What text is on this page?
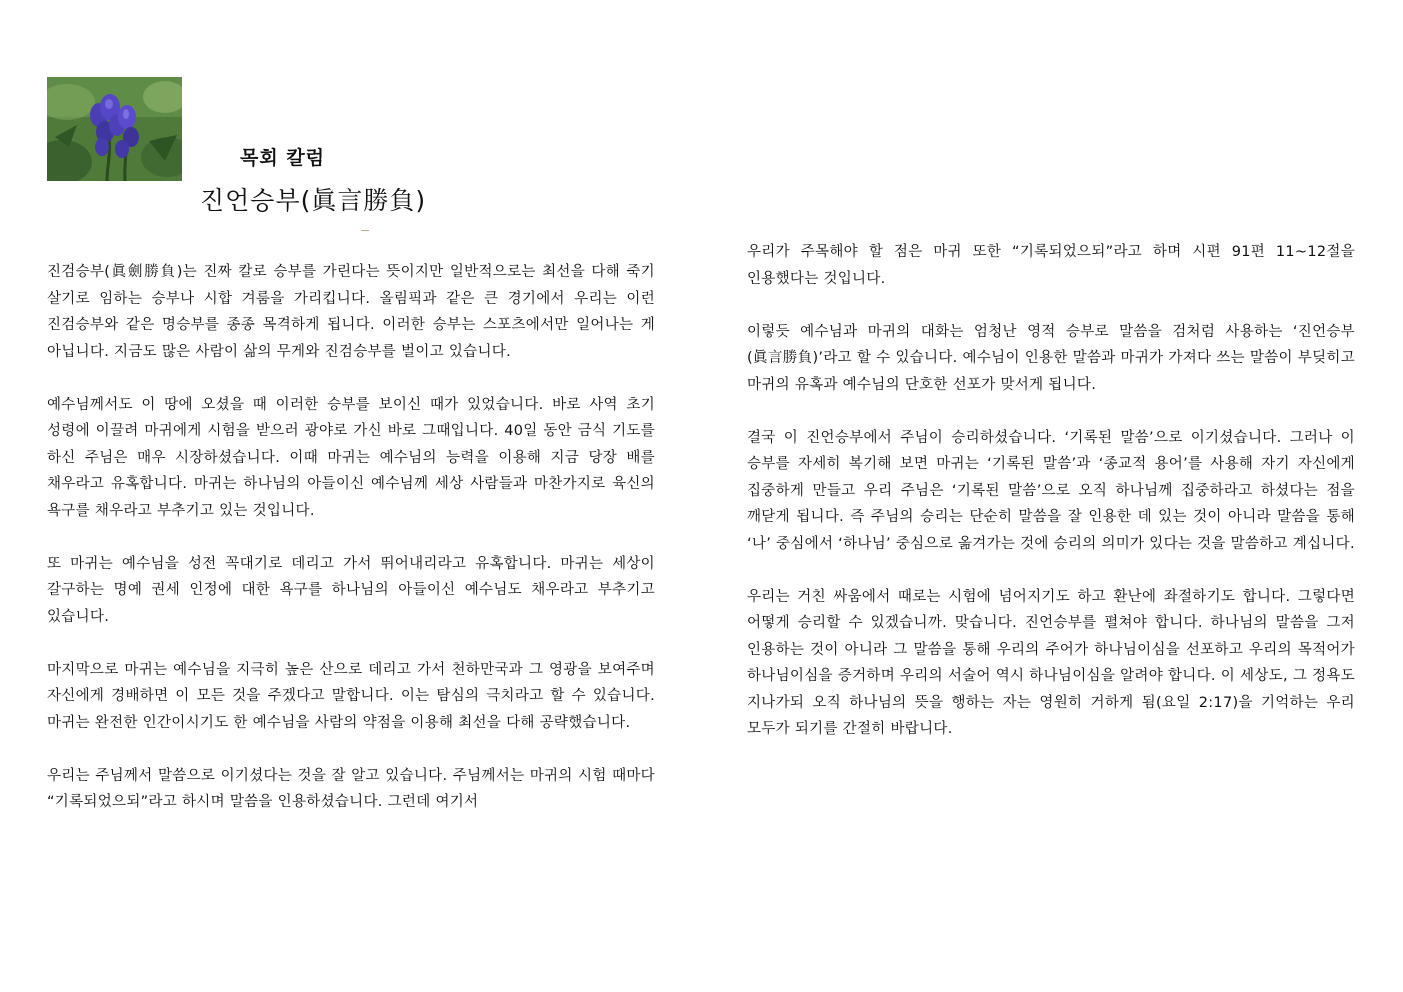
목회 칼럼
진언승부(眞言勝負)

진검승부(眞劍勝負)는 진짜 칼로 승부를 가린다는 뜻이지만 일반적으로는 최선을 다해 죽기 살기로 임하는 승부나 시합 겨룸을 가리킵니다. 올림픽과 같은 큰 경기에서 우리는 이런 진검승부와 같은 명승부를 종종 목격하게 됩니다. 이러한 승부는 스포츠에서만 일어나는 게 아닙니다. 지금도 많은 사람이 삶의 무게와 진검승부를 벌이고 있습니다.

예수님께서도 이 땅에 오셨을 때 이러한 승부를 보이신 때가 있었습니다. 바로 사역 초기 성령에 이끌려 마귀에게 시험을 받으러 광야로 가신 바로 그때입니다. 40일 동안 금식 기도를 하신 주님은 매우 시장하셨습니다. 이때 마귀는 예수님의 능력을 이용해 지금 당장 배를 채우라고 유혹합니다. 마귀는 하나님의 아들이신 예수님께 세상 사람들과 마찬가지로 육신의 욕구를 채우라고 부추기고 있는 것입니다.

또 마귀는 예수님을 성전 꼭대기로 데리고 가서 뛰어내리라고 유혹합니다. 마귀는 세상이 갈구하는 명예 권세 인정에 대한 욕구를 하나님의 아들이신 예수님도 채우라고 부추기고 있습니다.

마지막으로 마귀는 예수님을 지극히 높은 산으로 데리고 가서 천하만국과 그 영광을 보여주며 자신에게 경배하면 이 모든 것을 주겠다고 말합니다. 이는 탐심의 극치라고 할 수 있습니다. 마귀는 완전한 인간이시기도 한 예수님을 사람의 약점을 이용해 최선을 다해 공략했습니다.

우리는 주님께서 말씀으로 이기셨다는 것을 잘 알고 있습니다. 주님께서는 마귀의 시험 때마다 “기록되었으되”라고 하시며 말씀을 인용하셨습니다. 그런데 여기서

우리가 주목해야 할 점은 마귀 또한 “기록되었으되”라고 하며 시편 91편 11~12절을 인용했다는 것입니다.

이렇듯 예수님과 마귀의 대화는 엄청난 영적 승부로 말씀을 검처럼 사용하는 ‘진언승부(眞言勝負)’라고 할 수 있습니다. 예수님이 인용한 말씀과 마귀가 가져다 쓰는 말씀이 부딪히고 마귀의 유혹과 예수님의 단호한 선포가 맞서게 됩니다.

결국 이 진언승부에서 주님이 승리하셨습니다. ‘기록된 말씀’으로 이기셨습니다. 그러나 이 승부를 자세히 복기해 보면 마귀는 ‘기록된 말씀’과 ‘종교적 용어’를 사용해 자기 자신에게 집중하게 만들고 우리 주님은 ‘기록된 말씀’으로 오직 하나님께 집중하라고 하셨다는 점을 깨닫게 됩니다. 즉 주님의 승리는 단순히 말씀을 잘 인용한 데 있는 것이 아니라 말씀을 통해 ‘나’ 중심에서 ‘하나님’ 중심으로 옮겨가는 것에 승리의 의미가 있다는 것을 말씀하고 계십니다.

우리는 거친 싸움에서 때로는 시험에 넘어지기도 하고 환난에 좌절하기도 합니다. 그렇다면 어떻게 승리할 수 있겠습니까. 맞습니다. 진언승부를 펼쳐야 합니다. 하나님의 말씀을 그저 인용하는 것이 아니라 그 말씀을 통해 우리의 주어가 하나님이심을 선포하고 우리의 목적어가 하나님이심을 증거하며 우리의 서술어 역시 하나님이심을 알려야 합니다. 이 세상도, 그 정욕도 지나가되 오직 하나님의 뜻을 행하는 자는 영원히 거하게 됨(요일 2:17)을 기억하는 우리 모두가 되기를 간절히 바랍니다.
